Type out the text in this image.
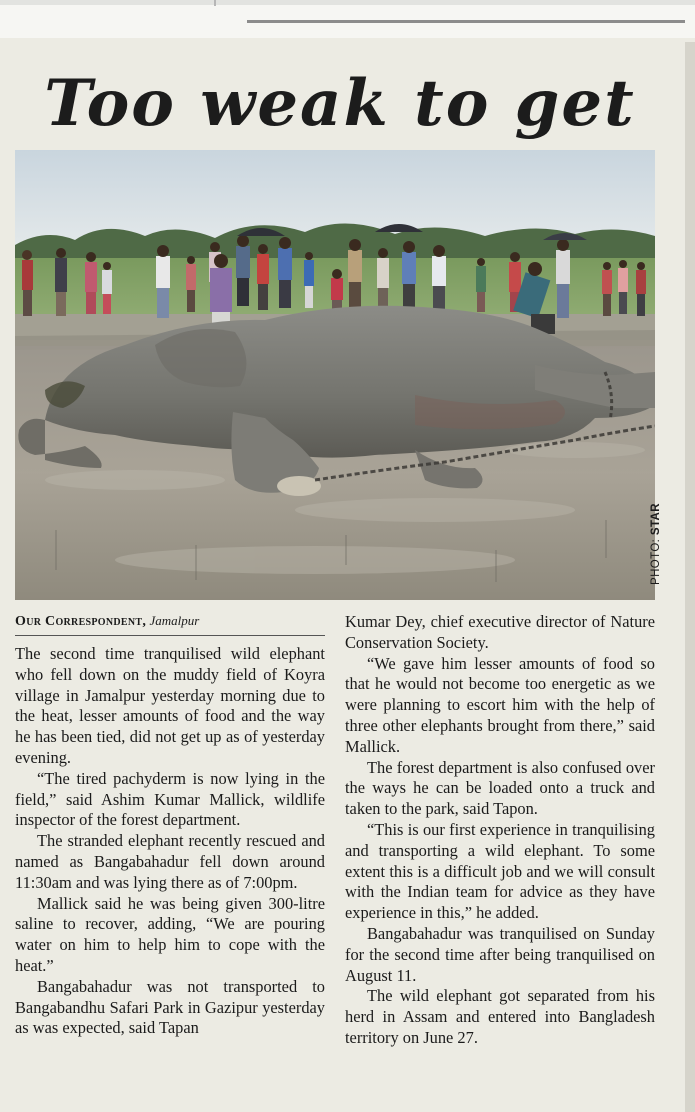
Too weak to get
PHOTO: STAR
Our Correspondent, Jamalpur

The second time tranquilised wild elephant who fell down on the muddy field of Koyra village in Jamalpur yesterday morning due to the heat, lesser amounts of food and the way he has been tied, did not get up as of yesterday evening.

“The tired pachyderm is now lying in the field,” said Ashim Kumar Mallick, wildlife inspector of the forest department.

The stranded elephant recently rescued and named as Bangabahadur fell down around 11:30am and was lying there as of 7:00pm.

Mallick said he was being given 300-litre saline to recover, adding, “We are pouring water on him to help him to cope with the heat.”

Bangabahadur was not transported to Bangabandhu Safari Park in Gazipur yesterday as was expected, said Tapan

Kumar Dey, chief executive director of Nature Conservation Society.

“We gave him lesser amounts of food so that he would not become too energetic as we were planning to escort him with the help of three other elephants brought from there,” said Mallick.

The forest department is also confused over the ways he can be loaded onto a truck and taken to the park, said Tapon.

“This is our first experience in tranquilising and transporting a wild elephant. To some extent this is a difficult job and we will consult with the Indian team for advice as they have experience in this,” he added.

Bangabahadur was tranquilised on Sunday for the second time after being tranquilised on August 11.

The wild elephant got separated from his herd in Assam and entered into Bangladesh territory on June 27.
